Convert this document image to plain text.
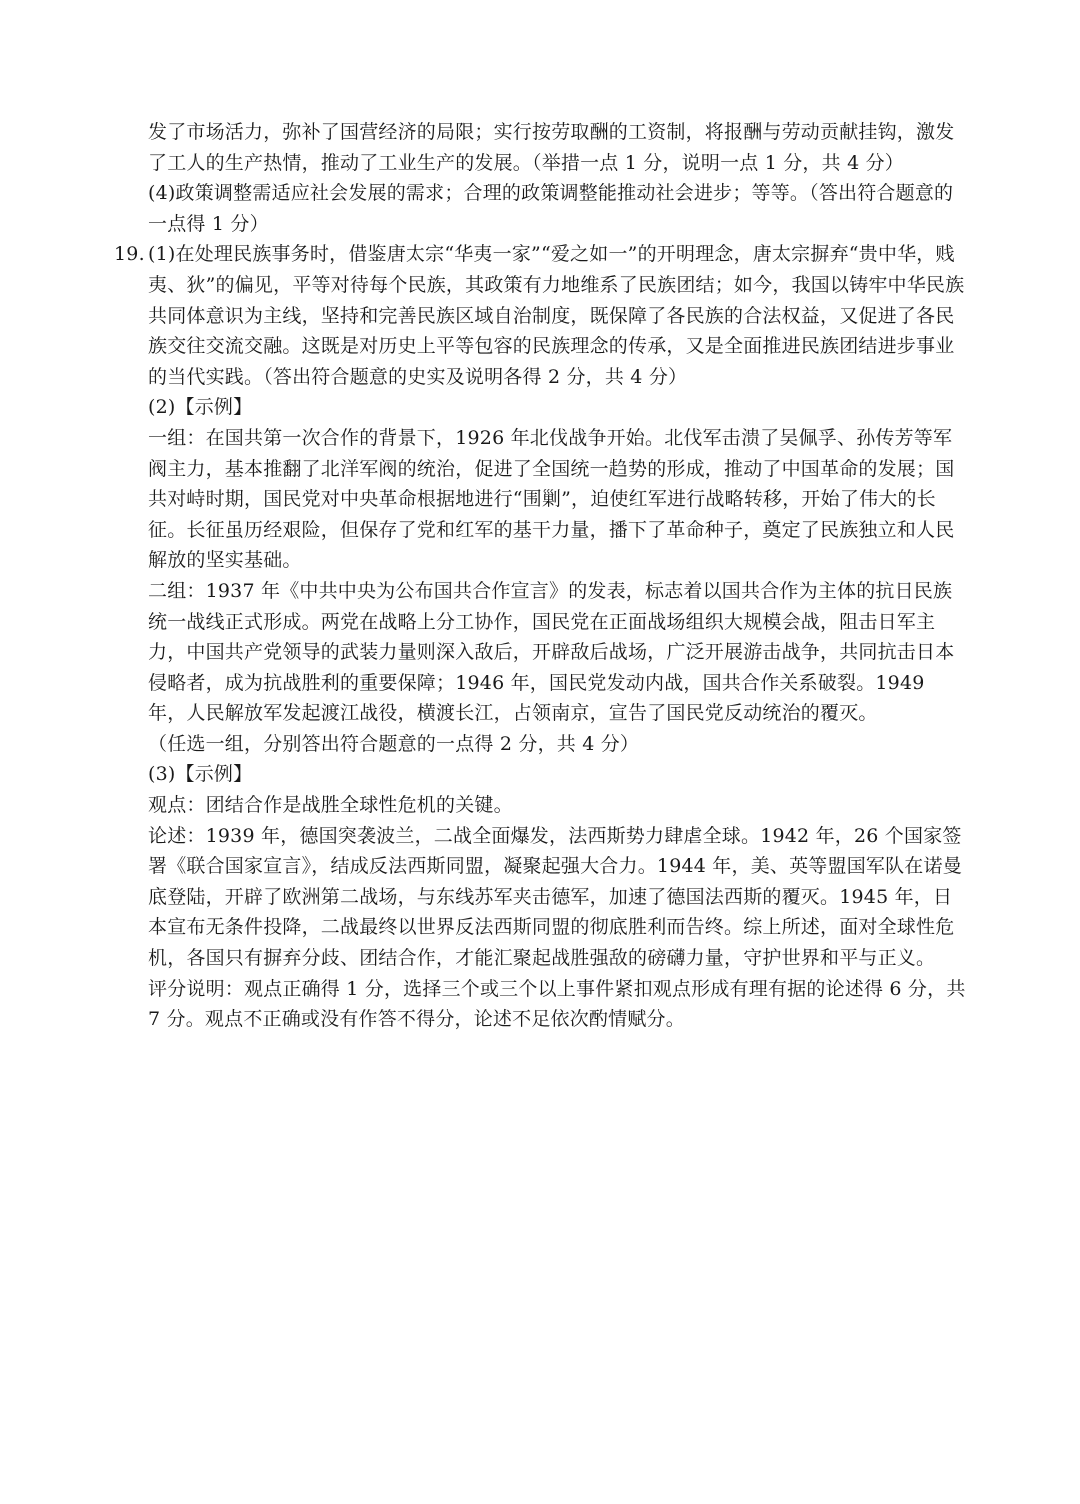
发了市场活力，弥补了国营经济的局限；实行按劳取酬的工资制，将报酬与劳动贡献挂钩，激发了工人的生产热情，推动了工业生产的发展。（举措一点 1 分，说明一点 1 分，共 4 分）

(4)政策调整需适应社会发展的需求；合理的政策调整能推动社会进步；等等。（答出符合题意的一点得 1 分）

19. (1)在处理民族事务时，借鉴唐太宗“华夷一家”“爱之如一”的开明理念，唐太宗摒弃“贵中华，贱夷、狄”的偏见，平等对待每个民族，其政策有力地维系了民族团结；如今，我国以铸牢中华民族共同体意识为主线，坚持和完善民族区域自治制度，既保障了各民族的合法权益，又促进了各民族交往交流交融。这既是对历史上平等包容的民族理念的传承，又是全面推进民族团结进步事业的当代实践。（答出符合题意的史实及说明各得 2 分，共 4 分）

(2)【示例】

一组：在国共第一次合作的背景下，1926 年北伐战争开始。北伐军击溃了吴佩孚、孙传芳等军阀主力，基本推翻了北洋军阀的统治，促进了全国统一趋势的形成，推动了中国革命的发展；国共对峙时期，国民党对中央革命根据地进行“围剿”，迫使红军进行战略转移，开始了伟大的长征。长征虽历经艰险，但保存了党和红军的基干力量，播下了革命种子，奠定了民族独立和人民解放的坚实基础。

二组：1937 年《中共中央为公布国共合作宣言》的发表，标志着以国共合作为主体的抗日民族统一战线正式形成。两党在战略上分工协作，国民党在正面战场组织大规模会战，阻击日军主力，中国共产党领导的武装力量则深入敌后，开辟敌后战场，广泛开展游击战争，共同抗击日本侵略者，成为抗战胜利的重要保障；1946 年，国民党发动内战，国共合作关系破裂。1949 年，人民解放军发起渡江战役，横渡长江，占领南京，宣告了国民党反动统治的覆灭。

（任选一组，分别答出符合题意的一点得 2 分，共 4 分）

(3)【示例】

观点：团结合作是战胜全球性危机的关键。

论述：1939 年，德国突袭波兰，二战全面爆发，法西斯势力肆虐全球。1942 年，26 个国家签署《联合国家宣言》，结成反法西斯同盟，凝聚起强大合力。1944 年，美、英等盟国军队在诺曼底登陆，开辟了欧洲第二战场，与东线苏军夹击德军，加速了德国法西斯的覆灭。1945 年，日本宣布无条件投降，二战最终以世界反法西斯同盟的彻底胜利而告终。综上所述，面对全球性危机，各国只有摒弃分歧、团结合作，才能汇聚起战胜强敌的磅礴力量，守护世界和平与正义。

评分说明：观点正确得 1 分，选择三个或三个以上事件紧扣观点形成有理有据的论述得 6 分，共 7 分。观点不正确或没有作答不得分，论述不足依次酌情赋分。
